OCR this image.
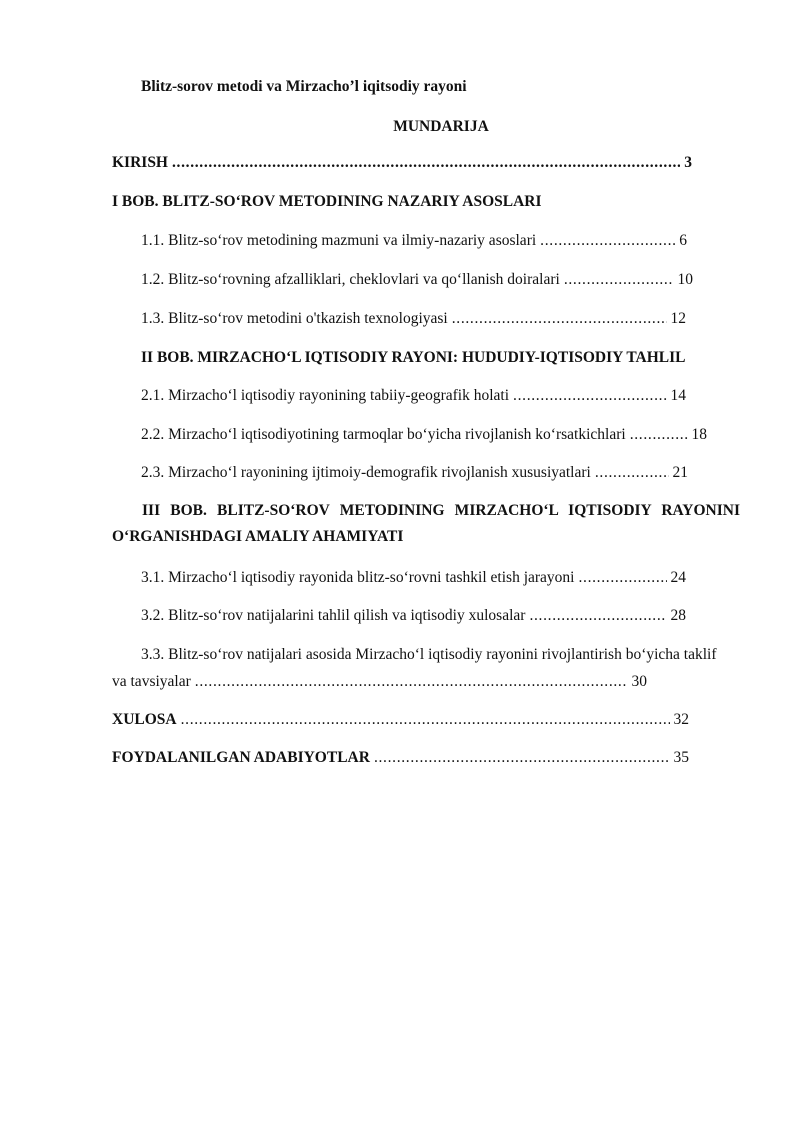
Blitz-sorov metodi va Mirzacho’l iqitsodiy rayoni
MUNDARIJA
KIRISH . . .	3
I BOB. BLITZ-SO‘ROV METODINING NAZARIY ASOSLARI
1.1. Blitz-so‘rov metodining mazmuni va ilmiy-nazariy asoslari . . .	6
1.2. Blitz-so‘rovning afzalliklari, cheklovlari va qo‘llanish doiralari . . .	10
1.3. Blitz-so‘rov metodini o'tkazish texnologiyasi . . .	12
II BOB. MIRZACHO‘L IQTISODIY RAYONI: HUDUDIY-IQTISODIY TAHLIL
2.1. Mirzacho‘l iqtisodiy rayonining tabiiy-geografik holati . . .	14
2.2. Mirzacho‘l iqtisodiyotining tarmoqlar bo‘yicha rivojlanish ko‘rsatkichlari . . .	18
2.3. Mirzacho‘l rayonining ijtimoiy-demografik rivojlanish xususiyatlari . . .	21
III BOB. BLITZ-SO‘ROV METODINING MIRZACHO‘L IQTISODIY RAYONINI O‘RGANISHDAGI AMALIY AHAMIYATI
3.1. Mirzacho‘l iqtisodiy rayonida blitz-so‘rovni tashkil etish jarayoni . . .	24
3.2. Blitz-so‘rov natijalarini tahlil qilish va iqtisodiy xulosalar . . .	28
3.3. Blitz-so‘rov natijalari asosida Mirzacho‘l iqtisodiy rayonini rivojlantirish bo‘yicha taklif
va tavsiyalar . . .	30
XULOSA . . .	32
FOYDALANILGAN ADABIYOTLAR . . .	35
